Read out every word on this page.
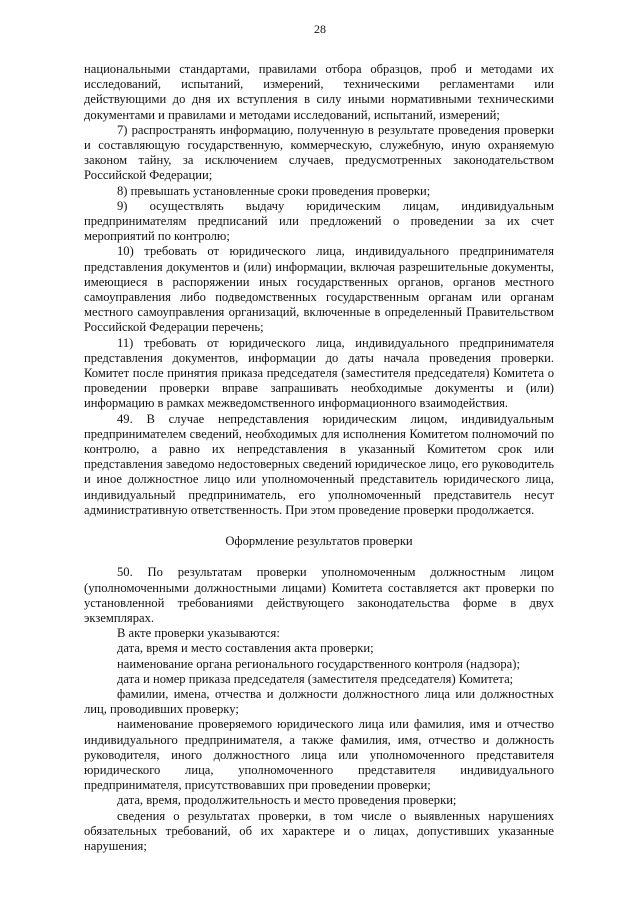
28

национальными стандартами, правилами отбора образцов, проб и методами их исследований, испытаний, измерений, техническими регламентами или действующими до дня их вступления в силу иными нормативными техническими документами и правилами и методами исследований, испытаний, измерений;

7) распространять информацию, полученную в результате проведения проверки и составляющую государственную, коммерческую, служебную, иную охраняемую законом тайну, за исключением случаев, предусмотренных законодательством Российской Федерации;

8) превышать установленные сроки проведения проверки;

9) осуществлять выдачу юридическим лицам, индивидуальным предпринимателям предписаний или предложений о проведении за их счет мероприятий по контролю;

10) требовать от юридического лица, индивидуального предпринимателя представления документов и (или) информации, включая разрешительные документы, имеющиеся в распоряжении иных государственных органов, органов местного самоуправления либо подведомственных государственным органам или органам местного самоуправления организаций, включенные в определенный Правительством Российской Федерации перечень;

11) требовать от юридического лица, индивидуального предпринимателя представления документов, информации до даты начала проведения проверки. Комитет после принятия приказа председателя (заместителя председателя) Комитета о проведении проверки вправе запрашивать необходимые документы и (или) информацию в рамках межведомственного информационного взаимодействия.

49. В случае непредставления юридическим лицом, индивидуальным предпринимателем сведений, необходимых для исполнения Комитетом полномочий по контролю, а равно их непредставления в указанный Комитетом срок или представления заведомо недостоверных сведений юридическое лицо, его руководитель и иное должностное лицо или уполномоченный представитель юридического лица, индивидуальный предприниматель, его уполномоченный представитель несут административную ответственность. При этом проведение проверки продолжается.

Оформление результатов проверки

50. По результатам проверки уполномоченным должностным лицом (уполномоченными должностными лицами) Комитета составляется акт проверки по установленной требованиями действующего законодательства форме в двух экземплярах.

В акте проверки указываются:

дата, время и место составления акта проверки;

наименование органа регионального государственного контроля (надзора);

дата и номер приказа председателя (заместителя председателя) Комитета;

фамилии, имена, отчества и должности должностного лица или должностных лиц, проводивших проверку;

наименование проверяемого юридического лица или фамилия, имя и отчество индивидуального предпринимателя, а также фамилия, имя, отчество и должность руководителя, иного должностного лица или уполномоченного представителя юридического лица, уполномоченного представителя индивидуального предпринимателя, присутствовавших при проведении проверки;

дата, время, продолжительность и место проведения проверки;

сведения о результатах проверки, в том числе о выявленных нарушениях обязательных требований, об их характере и о лицах, допустивших указанные нарушения;
